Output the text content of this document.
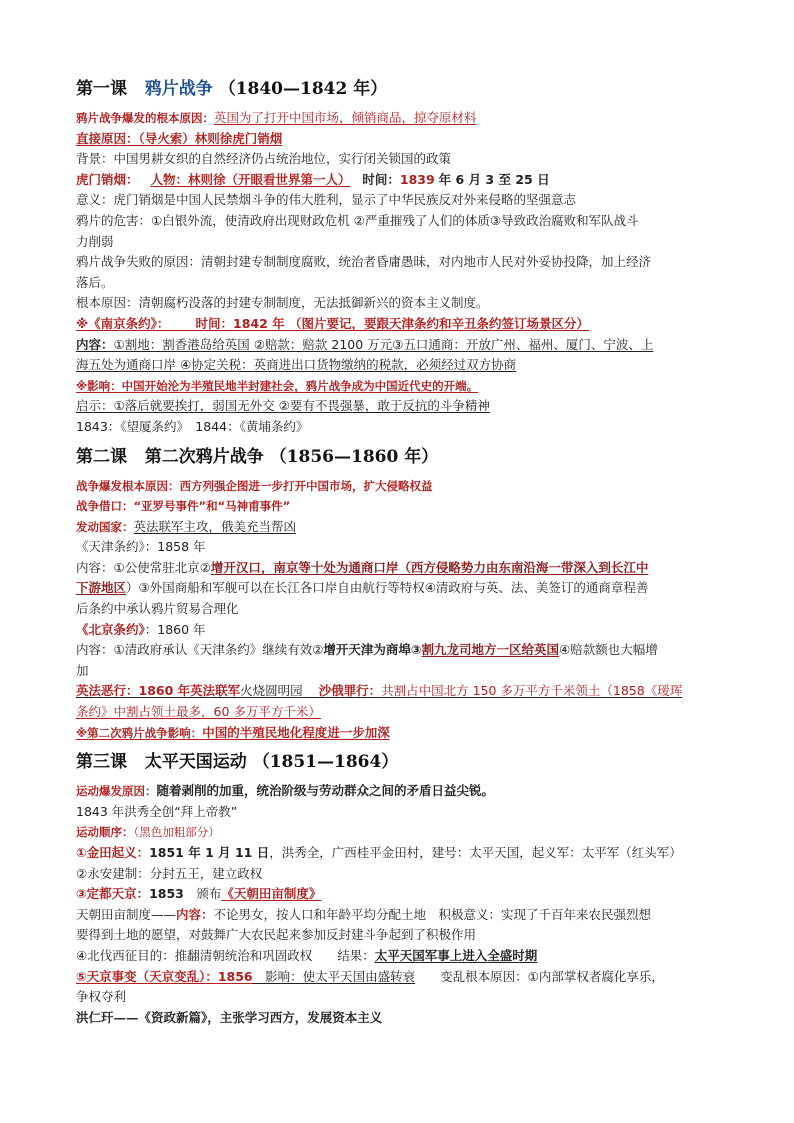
第一课 鸦片战争 （1840—1842 年）
鸦片战争爆发的根本原因：英国为了打开中国市场，倾销商品，掠夺原材料
直接原因：（导火索）林则徐虎门销烟
背景：中国男耕女织的自然经济仍占统治地位，实行闭关锁国的政策
虎门销烟： 人物：林则徐（开眼看世界第一人） 时间：1839 年 6 月 3 至 25 日
意义：虎门销烟是中国人民禁烟斗争的伟大胜利，显示了中华民族反对外来侵略的坚强意志
鸦片的危害：①白银外流，使清政府出现财政危机 ②严重摧残了人们的体质③导致政治腐败和军队战斗
力削弱
鸦片战争失败的原因：清朝封建专制制度腐败，统治者昏庸愚昧，对内地市人民对外妥协投降，加上经济
落后。
根本原因：清朝腐朽没落的封建专制制度，无法抵御新兴的资本主义制度。
※《南京条约》： 时间：1842 年 （图片要记，要跟天津条约和辛丑条约签订场景区分）
内容：①割地：割香港岛给英国 ②赔款：赔款 2100 万元③五口通商：开放广州、福州、厦门、宁波、上
海五处为通商口岸 ④协定关税：英商进出口货物缴纳的税款，必须经过双方协商
※影响：中国开始沦为半殖民地半封建社会，鸦片战争成为中国近代史的开端。
启示：①落后就要挨打，弱国无外交 ②要有不畏强暴，敢于反抗的斗争精神
1843：《望厦条约》　1844：《黄埔条约》
第二课 第二次鸦片战争 （1856—1860 年）
战争爆发根本原因：西方列强企图进一步打开中国市场，扩大侵略权益
战争借口：“亚罗号事件”和“马神甫事件”
发动国家：英法联军主攻，俄美充当帮凶
《天津条约》：1858 年
内容：①公使常驻北京②增开汉口，南京等十处为通商口岸（西方侵略势力由东南沿海一带深入到长江中
下游地区）③外国商船和军舰可以在长江各口岸自由航行等特权④清政府与英、法、美签订的通商章程善
后条约中承认鸦片贸易合理化
《北京条约》：1860 年
内容：①清政府承认《天津条约》继续有效②增开天津为商埠③割九龙司地方一区给英国④赔款额也大幅增
加
英法恶行：1860 年英法联军火烧圆明园 沙俄罪行：共割占中国北方 150 多万平方千米领土（1858《瑷珲
条约》中割占领土最多，60 多万平方千米）
※第二次鸦片战争影响：中国的半殖民地化程度进一步加深
第三课 太平天国运动 （1851—1864）
运动爆发原因：随着剥削的加重，统治阶级与劳动群众之间的矛盾日益尖锐。
1843 年洪秀全创“拜上帝教”
运动顺序：（黑色加粗部分）
①金田起义：1851 年 1 月 11 日，洪秀全，广西桂平金田村，建号：太平天国，起义军：太平军（红头军）
②永安建制：分封五王，建立政权
③定都天京：1853　颁布《天朝田亩制度》
天朝田亩制度——内容：不论男女，按人口和年龄平均分配土地　积极意义：实现了千百年来农民强烈想
要得到土地的愿望，对鼓舞广大农民起来参加反封建斗争起到了积极作用
④北伐西征目的：推翻清朝统治和巩固政权　　结果：太平天国军事上进入全盛时期
⑤天京事变（天京变乱）：1856　影响：使太平天国由盛转衰　　变乱根本原因：①内部掌权者腐化享乐，
争权夺利
洪仁玕——《资政新篇》，主张学习西方，发展资本主义
